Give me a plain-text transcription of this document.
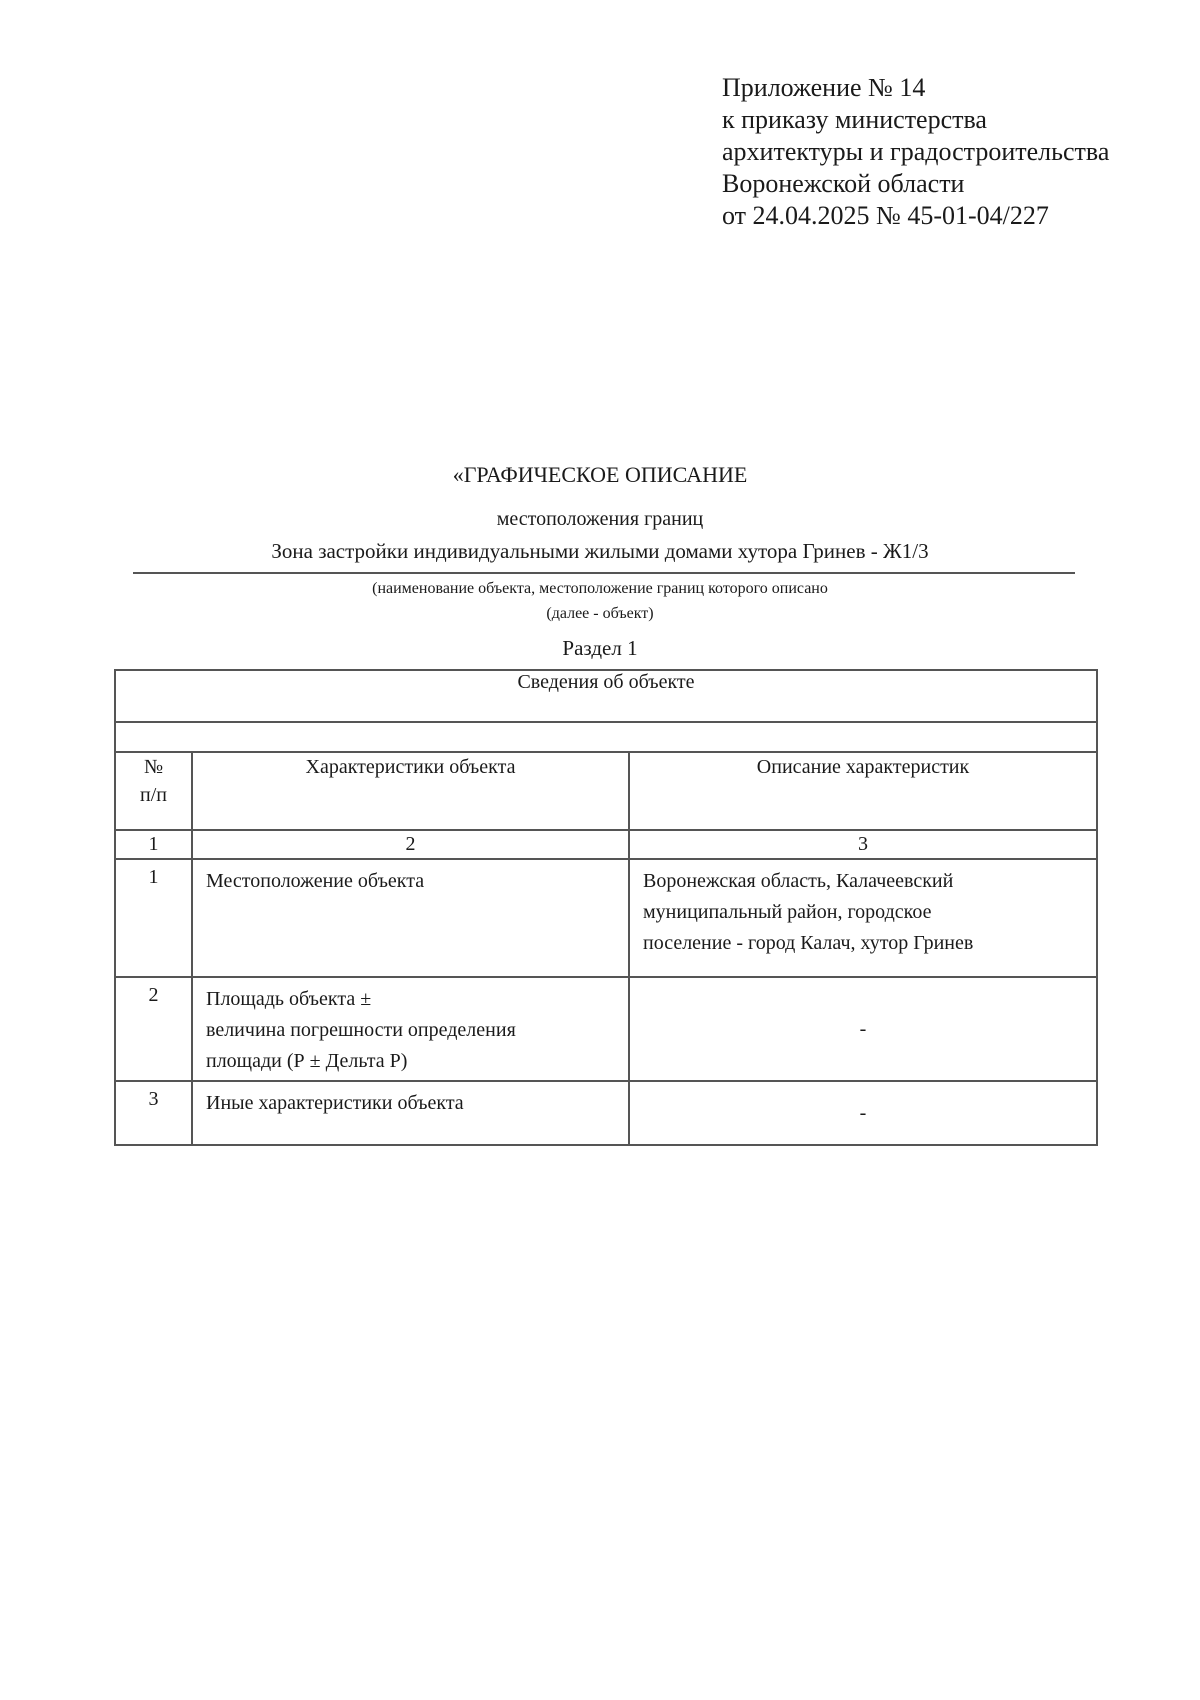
Приложение № 14
к приказу министерства
архитектуры и градостроительства
Воронежской области
от 24.04.2025 № 45-01-04/227
«ГРАФИЧЕСКОЕ ОПИСАНИЕ
местоположения границ
Зона застройки индивидуальными жилыми домами хутора Гринев - Ж1/3
(наименование объекта, местоположение границ которого описано
(далее - объект)
Раздел 1
Сведения об объекте		

№
п/п	Характеристики объекта	Описание характеристик
1	2	3
1	Местоположение объекта	Воронежская область, Калачеевский
муниципальный район, городское
поселение - город Калач, хутор Гринев

2	Площадь объекта ±
величина погрешности определения
площади (Р ± Дельта Р)	-
3	Иные характеристики объекта	-
